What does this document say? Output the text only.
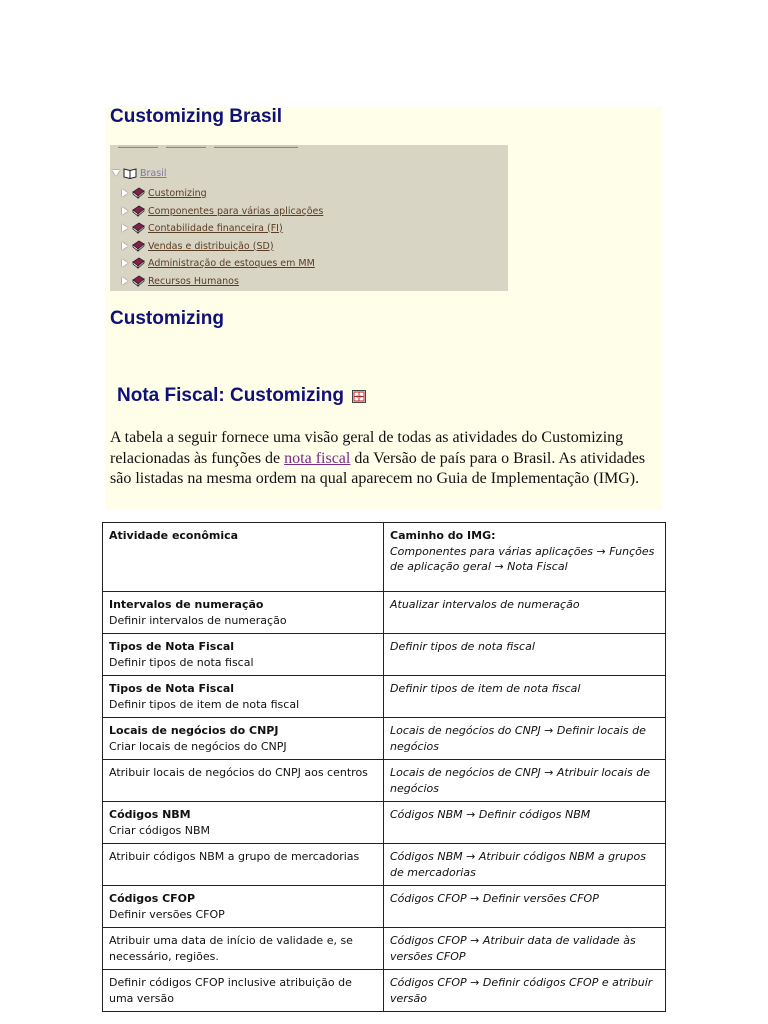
Customizing Brasil
Brasil
Customizing
Componentes para várias aplicações
Contabilidade financeira (FI)
Vendas e distribuição (SD)
Administração de estoques em MM
Recursos Humanos
Customizing
Nota Fiscal: Customizing

A tabela a seguir fornece uma visão geral de todas as atividades do Customizing relacionadas às funções de nota fiscal da Versão de país para o Brasil. As atividades são listadas na mesma ordem na qual aparecem no Guia de Implementação (IMG).

Atividade econômica	Caminho do IMG:
Componentes para várias aplicações → Funções de aplicação geral → Nota Fiscal

Intervalos de numeração
Definir intervalos de numeração	Atualizar intervalos de numeração
Tipos de Nota Fiscal
Definir tipos de nota fiscal	Definir tipos de nota fiscal
Tipos de Nota Fiscal
Definir tipos de item de nota fiscal	Definir tipos de item de nota fiscal
Locais de negócios do CNPJ
Criar locais de negócios do CNPJ	Locais de negócios do CNPJ → Definir locais de negócios
Atribuir locais de negócios do CNPJ aos centros	Locais de negócios de CNPJ → Atribuir locais de negócios
Códigos NBM
Criar códigos NBM	Códigos NBM → Definir códigos NBM
Atribuir códigos NBM a grupo de mercadorias	Códigos NBM → Atribuir códigos NBM a grupos de mercadorias
Códigos CFOP
Definir versões CFOP	Códigos CFOP → Definir versões CFOP
Atribuir uma data de início de validade e, se necessário, regiões.	Códigos CFOP → Atribuir data de validade às versões CFOP
Definir códigos CFOP inclusive atribuição de uma versão	Códigos CFOP → Definir códigos CFOP e atribuir versão
